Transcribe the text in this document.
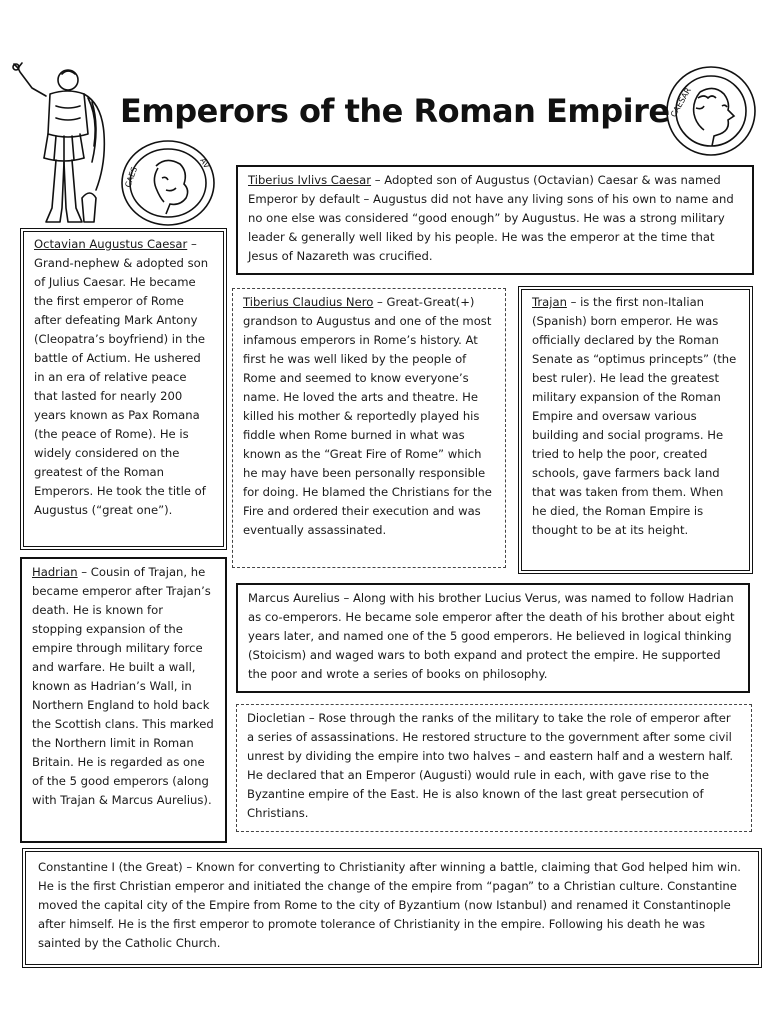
CAES
AV
CAESAR
Emperors of the Roman Empire

Tiberius Ivlivs Caesar – Adopted son of Augustus (Octavian) Caesar & was named Emperor by default – Augustus did not have any living sons of his own to name and no one else was considered “good enough” by Augustus. He was a strong military leader & generally well liked by his people. He was the emperor at the time that Jesus of Nazareth was crucified.

Octavian Augustus Caesar – Grand-nephew & adopted son of Julius Caesar. He became the first emperor of Rome after defeating Mark Antony (Cleopatra’s boyfriend) in the battle of Actium. He ushered in an era of relative peace that lasted for nearly 200 years known as Pax Romana (the peace of Rome). He is widely considered on the greatest of the Roman Emperors. He took the title of Augustus (“great one”).

Tiberius Claudius Nero – Great-Great(+) grandson to Augustus and one of the most infamous emperors in Rome’s history. At first he was well liked by the people of Rome and seemed to know everyone’s name. He loved the arts and theatre. He killed his mother & reportedly played his fiddle when Rome burned in what was known as the “Great Fire of Rome” which he may have been personally responsible for doing. He blamed the Christians for the Fire and ordered their execution and was eventually assassinated.

Trajan – is the first non-Italian (Spanish) born emperor. He was officially declared by the Roman Senate as “optimus princepts” (the best ruler). He lead the greatest military expansion of the Roman Empire and oversaw various building and social programs. He tried to help the poor, created schools, gave farmers back land that was taken from them. When he died, the Roman Empire is thought to be at its height.

Hadrian – Cousin of Trajan, he became emperor after Trajan’s death. He is known for stopping expansion of the empire through military force and warfare. He built a wall, known as Hadrian’s Wall, in Northern England to hold back the Scottish clans. This marked the Northern limit in Roman Britain. He is regarded as one of the 5 good emperors (along with Trajan & Marcus Aurelius).

Marcus Aurelius – Along with his brother Lucius Verus, was named to follow Hadrian as co-emperors. He became sole emperor after the death of his brother about eight years later, and named one of the 5 good emperors. He believed in logical thinking (Stoicism) and waged wars to both expand and protect the empire. He supported the poor and wrote a series of books on philosophy.

Diocletian – Rose through the ranks of the military to take the role of emperor after a series of assassinations. He restored structure to the government after some civil unrest by dividing the empire into two halves – and eastern half and a western half. He declared that an Emperor (Augusti) would rule in each, with gave rise to the Byzantine empire of the East. He is also known of the last great persecution of Christians.

Constantine I (the Great) – Known for converting to Christianity after winning a battle, claiming that God helped him win. He is the first Christian emperor and initiated the change of the empire from “pagan” to a Christian culture. Constantine moved the capital city of the Empire from Rome to the city of Byzantium (now Istanbul) and renamed it Constantinople after himself. He is the first emperor to promote tolerance of Christianity in the empire. Following his death he was sainted by the Catholic Church.
